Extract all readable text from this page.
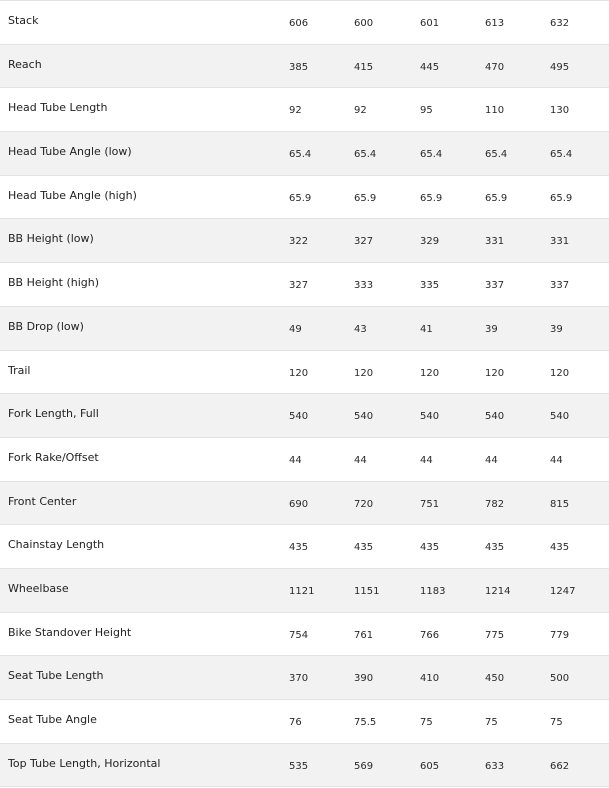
Stack	606	600	601	613	632
Reach	385	415	445	470	495
Head Tube Length	92	92	95	110	130
Head Tube Angle (low)	65.4	65.4	65.4	65.4	65.4
Head Tube Angle (high)	65.9	65.9	65.9	65.9	65.9
BB Height (low)	322	327	329	331	331
BB Height (high)	327	333	335	337	337
BB Drop (low)	49	43	41	39	39
Trail	120	120	120	120	120
Fork Length, Full	540	540	540	540	540
Fork Rake/Offset	44	44	44	44	44
Front Center	690	720	751	782	815
Chainstay Length	435	435	435	435	435
Wheelbase	1121	1151	1183	1214	1247
Bike Standover Height	754	761	766	775	779
Seat Tube Length	370	390	410	450	500
Seat Tube Angle	76	75.5	75	75	75
Top Tube Length, Horizontal	535	569	605	633	662
